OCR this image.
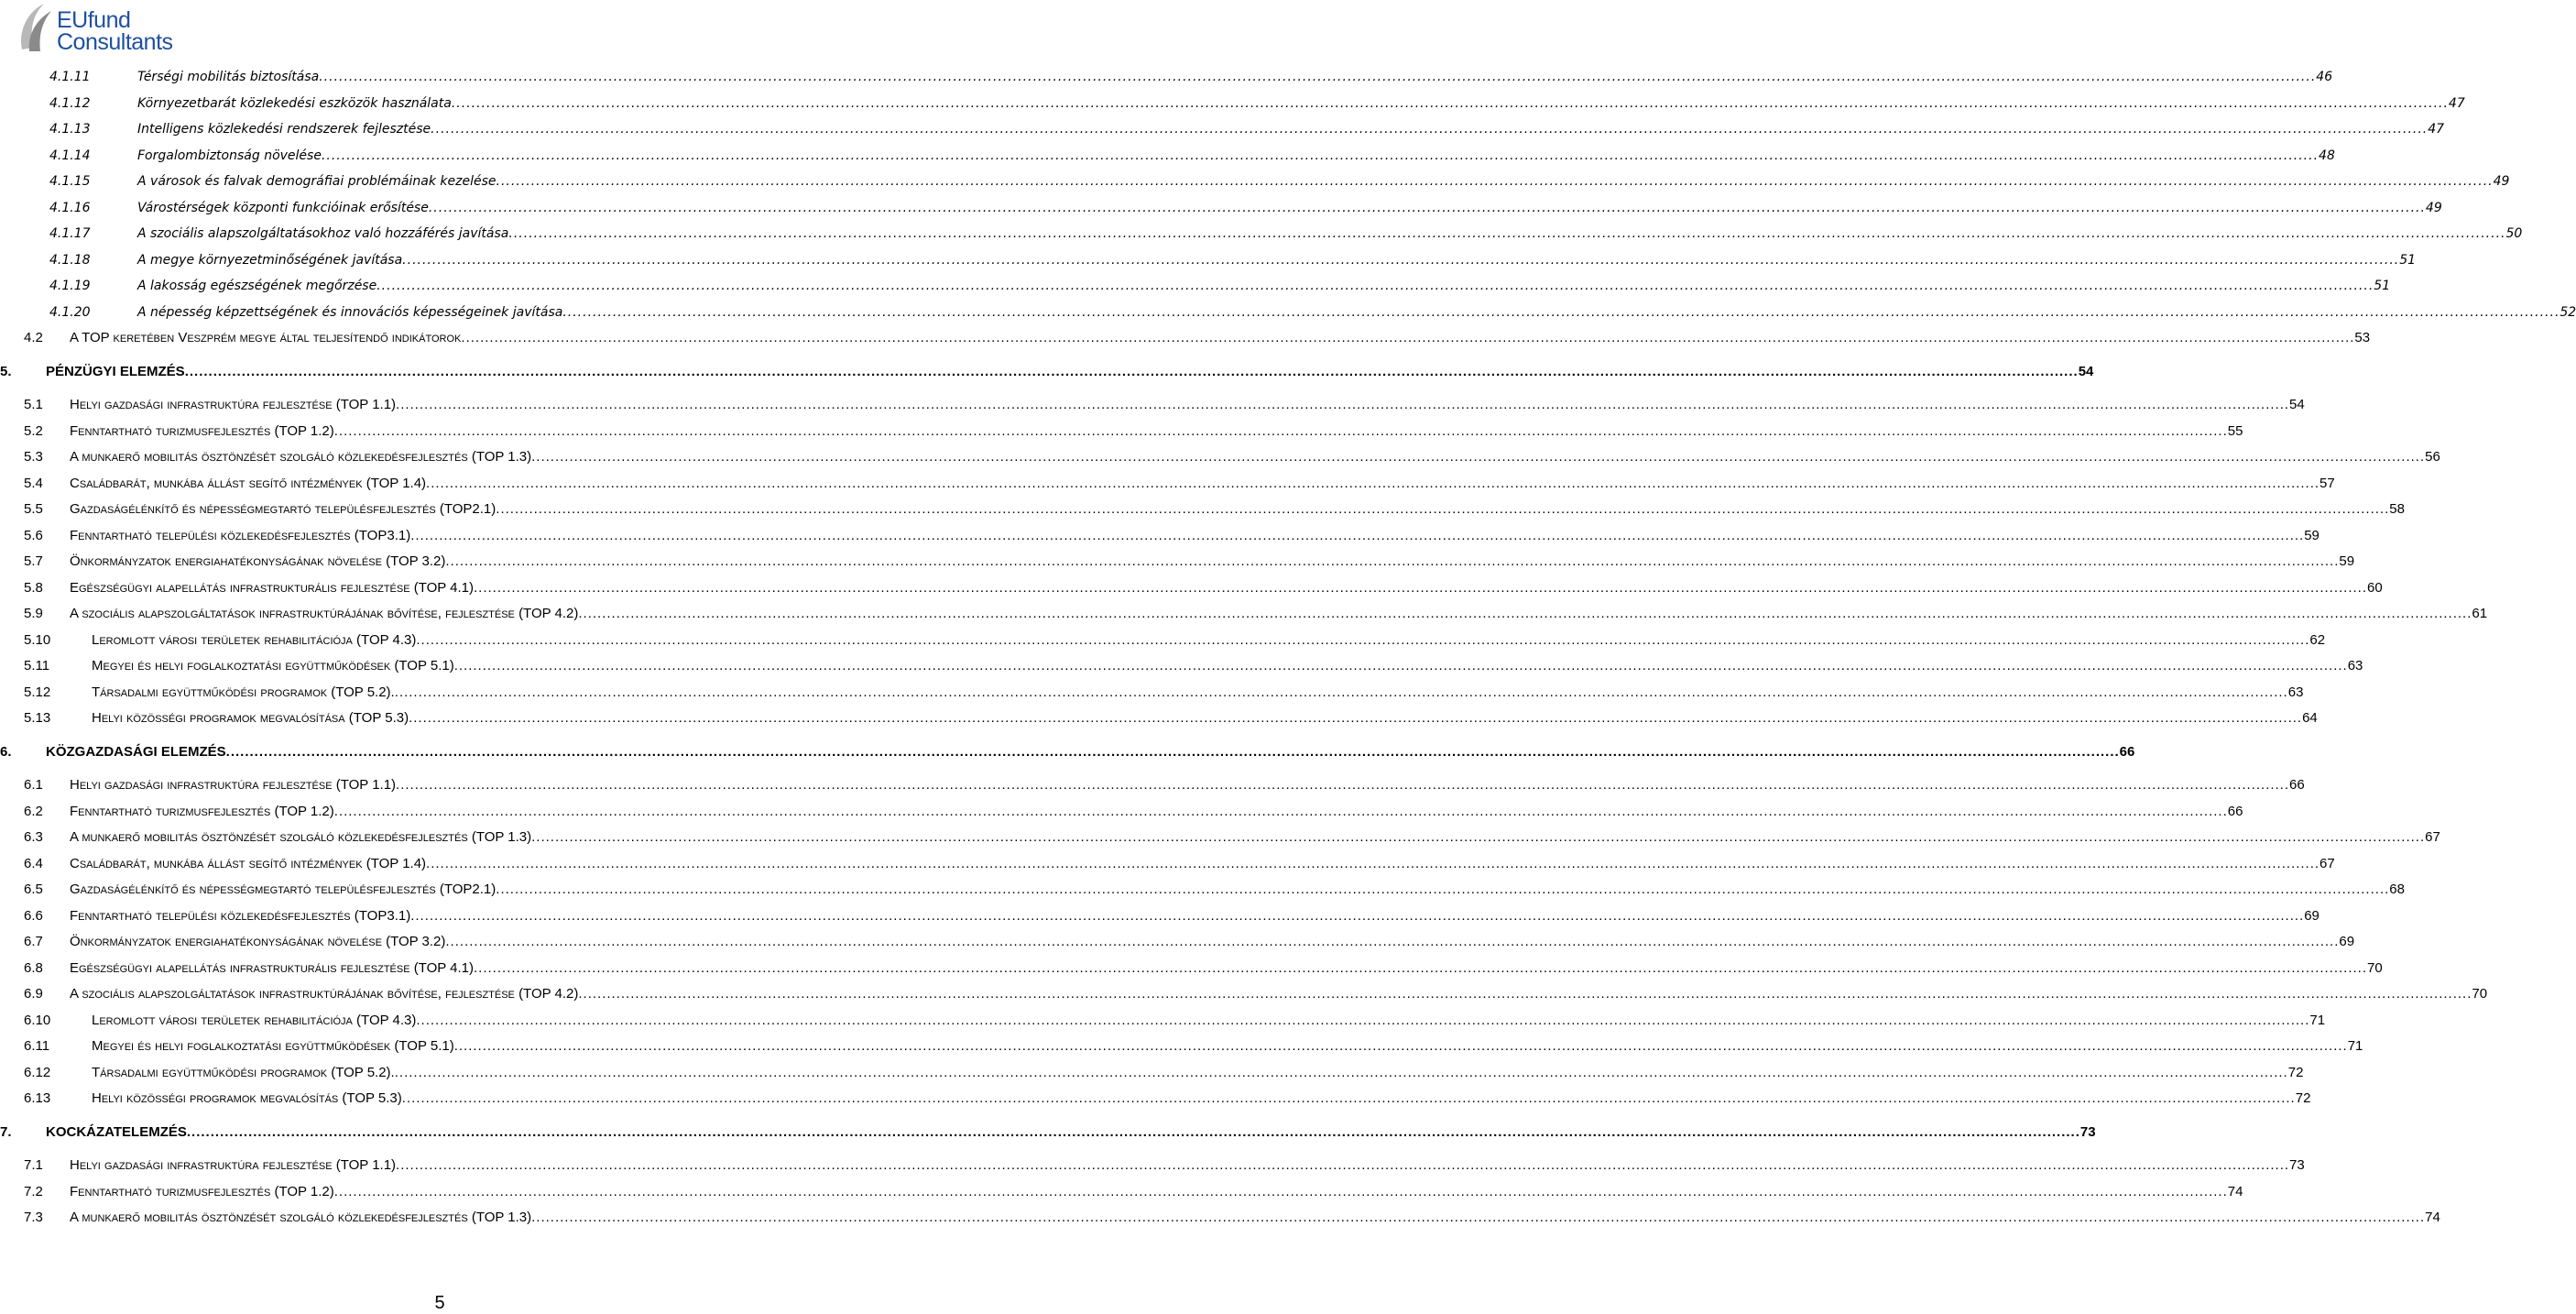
EUfund
Consultants
4.1.11	Térségi mobilitás biztosítása ................................................................................................................................................................................................................................................................................................................................................................................................................ 46
4.1.12	Környezetbarát közlekedési eszközök használata ................................................................................................................................................................................................................................................................................................................................................................................................................ 47
4.1.13	Intelligens közlekedési rendszerek fejlesztése ................................................................................................................................................................................................................................................................................................................................................................................................................ 47
4.1.14	Forgalombiztonság növelése ................................................................................................................................................................................................................................................................................................................................................................................................................ 48
4.1.15	A városok és falvak demográfiai problémáinak kezelése ................................................................................................................................................................................................................................................................................................................................................................................................................ 49
4.1.16	Várostérségek központi funkcióinak erősítése ................................................................................................................................................................................................................................................................................................................................................................................................................ 49
4.1.17	A szociális alapszolgáltatásokhoz való hozzáférés javítása ................................................................................................................................................................................................................................................................................................................................................................................................................ 50
4.1.18	A megye környezetminőségének javítása ................................................................................................................................................................................................................................................................................................................................................................................................................ 51
4.1.19	A lakosság egészségének megőrzése ................................................................................................................................................................................................................................................................................................................................................................................................................ 51
4.1.20	A népesség képzettségének és innovációs képességeinek javítása ................................................................................................................................................................................................................................................................................................................................................................................................................ 52
4.2 A TOP keretében Veszprém megye által teljesítendő indikátorok ................................................................................................................................................................................................................................................................................................................................................................................................................ 53
5. PÉNZÜGYI ELEMZÉS ................................................................................................................................................................................................................................................................................................................................................................................................................ 54
5.1 Helyi gazdasági infrastruktúra fejlesztése (TOP 1.1) ................................................................................................................................................................................................................................................................................................................................................................................................................ 54
5.2 Fenntartható turizmusfejlesztés (TOP 1.2) ................................................................................................................................................................................................................................................................................................................................................................................................................ 55
5.3 A munkaerő mobilitás ösztönzését szolgáló közlekedésfejlesztés (TOP 1.3) ................................................................................................................................................................................................................................................................................................................................................................................................................ 56
5.4 Családbarát, munkába állást segítő intézmények (TOP 1.4) ................................................................................................................................................................................................................................................................................................................................................................................................................ 57
5.5 Gazdaságélénkítő és népességmegtartó településfejlesztés (TOP2.1) ................................................................................................................................................................................................................................................................................................................................................................................................................ 58
5.6 Fenntartható települési közlekedésfejlesztés (TOP3.1) ................................................................................................................................................................................................................................................................................................................................................................................................................ 59
5.7 Önkormányzatok energiahatékonyságának növelése (TOP 3.2) ................................................................................................................................................................................................................................................................................................................................................................................................................ 59
5.8 Egészségügyi alapellátás infrastrukturális fejlesztése (TOP 4.1) ................................................................................................................................................................................................................................................................................................................................................................................................................ 60
5.9 A szociális alapszolgáltatások infrastruktúrájának bővítése, fejlesztése (TOP 4.2) ................................................................................................................................................................................................................................................................................................................................................................................................................ 61
5.10	Leromlott városi területek rehabilitációja (TOP 4.3) ................................................................................................................................................................................................................................................................................................................................................................................................................ 62
5.11	Megyei és helyi foglalkoztatási együttműködések (TOP 5.1) ................................................................................................................................................................................................................................................................................................................................................................................................................ 63
5.12	Társadalmi együttműködési programok (TOP 5.2). ................................................................................................................................................................................................................................................................................................................................................................................................................ 63
5.13	Helyi közösségi programok megvalósítása (TOP 5.3) ................................................................................................................................................................................................................................................................................................................................................................................................................ 64
6. KÖZGAZDASÁGI ELEMZÉS ................................................................................................................................................................................................................................................................................................................................................................................................................ 66
6.1 Helyi gazdasági infrastruktúra fejlesztése (TOP 1.1) ................................................................................................................................................................................................................................................................................................................................................................................................................ 66
6.2 Fenntartható turizmusfejlesztés (TOP 1.2) ................................................................................................................................................................................................................................................................................................................................................................................................................ 66
6.3 A munkaerő mobilitás ösztönzését szolgáló közlekedésfejlesztés (TOP 1.3) ................................................................................................................................................................................................................................................................................................................................................................................................................ 67
6.4 Családbarát, munkába állást segítő intézmények (TOP 1.4) ................................................................................................................................................................................................................................................................................................................................................................................................................ 67
6.5 Gazdaságélénkítő és népességmegtartó településfejlesztés (TOP2.1) ................................................................................................................................................................................................................................................................................................................................................................................................................ 68
6.6 Fenntartható települési közlekedésfejlesztés (TOP3.1) ................................................................................................................................................................................................................................................................................................................................................................................................................ 69
6.7 Önkormányzatok energiahatékonyságának növelése (TOP 3.2) ................................................................................................................................................................................................................................................................................................................................................................................................................ 69
6.8 Egészségügyi alapellátás infrastrukturális fejlesztése (TOP 4.1) ................................................................................................................................................................................................................................................................................................................................................................................................................ 70
6.9 A szociális alapszolgáltatások infrastruktúrájának bővítése, fejlesztése (TOP 4.2) ................................................................................................................................................................................................................................................................................................................................................................................................................ 70
6.10	Leromlott városi területek rehabilitációja (TOP 4.3) ................................................................................................................................................................................................................................................................................................................................................................................................................ 71
6.11	Megyei és helyi foglalkoztatási együttműködések (TOP 5.1) ................................................................................................................................................................................................................................................................................................................................................................................................................ 71
6.12	Társadalmi együttműködési programok (TOP 5.2). ................................................................................................................................................................................................................................................................................................................................................................................................................ 72
6.13	Helyi közösségi programok megvalósítás (TOP 5.3) ................................................................................................................................................................................................................................................................................................................................................................................................................ 72
7. KOCKÁZATELEMZÉS ................................................................................................................................................................................................................................................................................................................................................................................................................ 73
7.1 Helyi gazdasági infrastruktúra fejlesztése (TOP 1.1) ................................................................................................................................................................................................................................................................................................................................................................................................................ 73
7.2 Fenntartható turizmusfejlesztés (TOP 1.2) ................................................................................................................................................................................................................................................................................................................................................................................................................ 74
7.3 A munkaerő mobilitás ösztönzését szolgáló közlekedésfejlesztés (TOP 1.3) ................................................................................................................................................................................................................................................................................................................................................................................................................ 74
5
